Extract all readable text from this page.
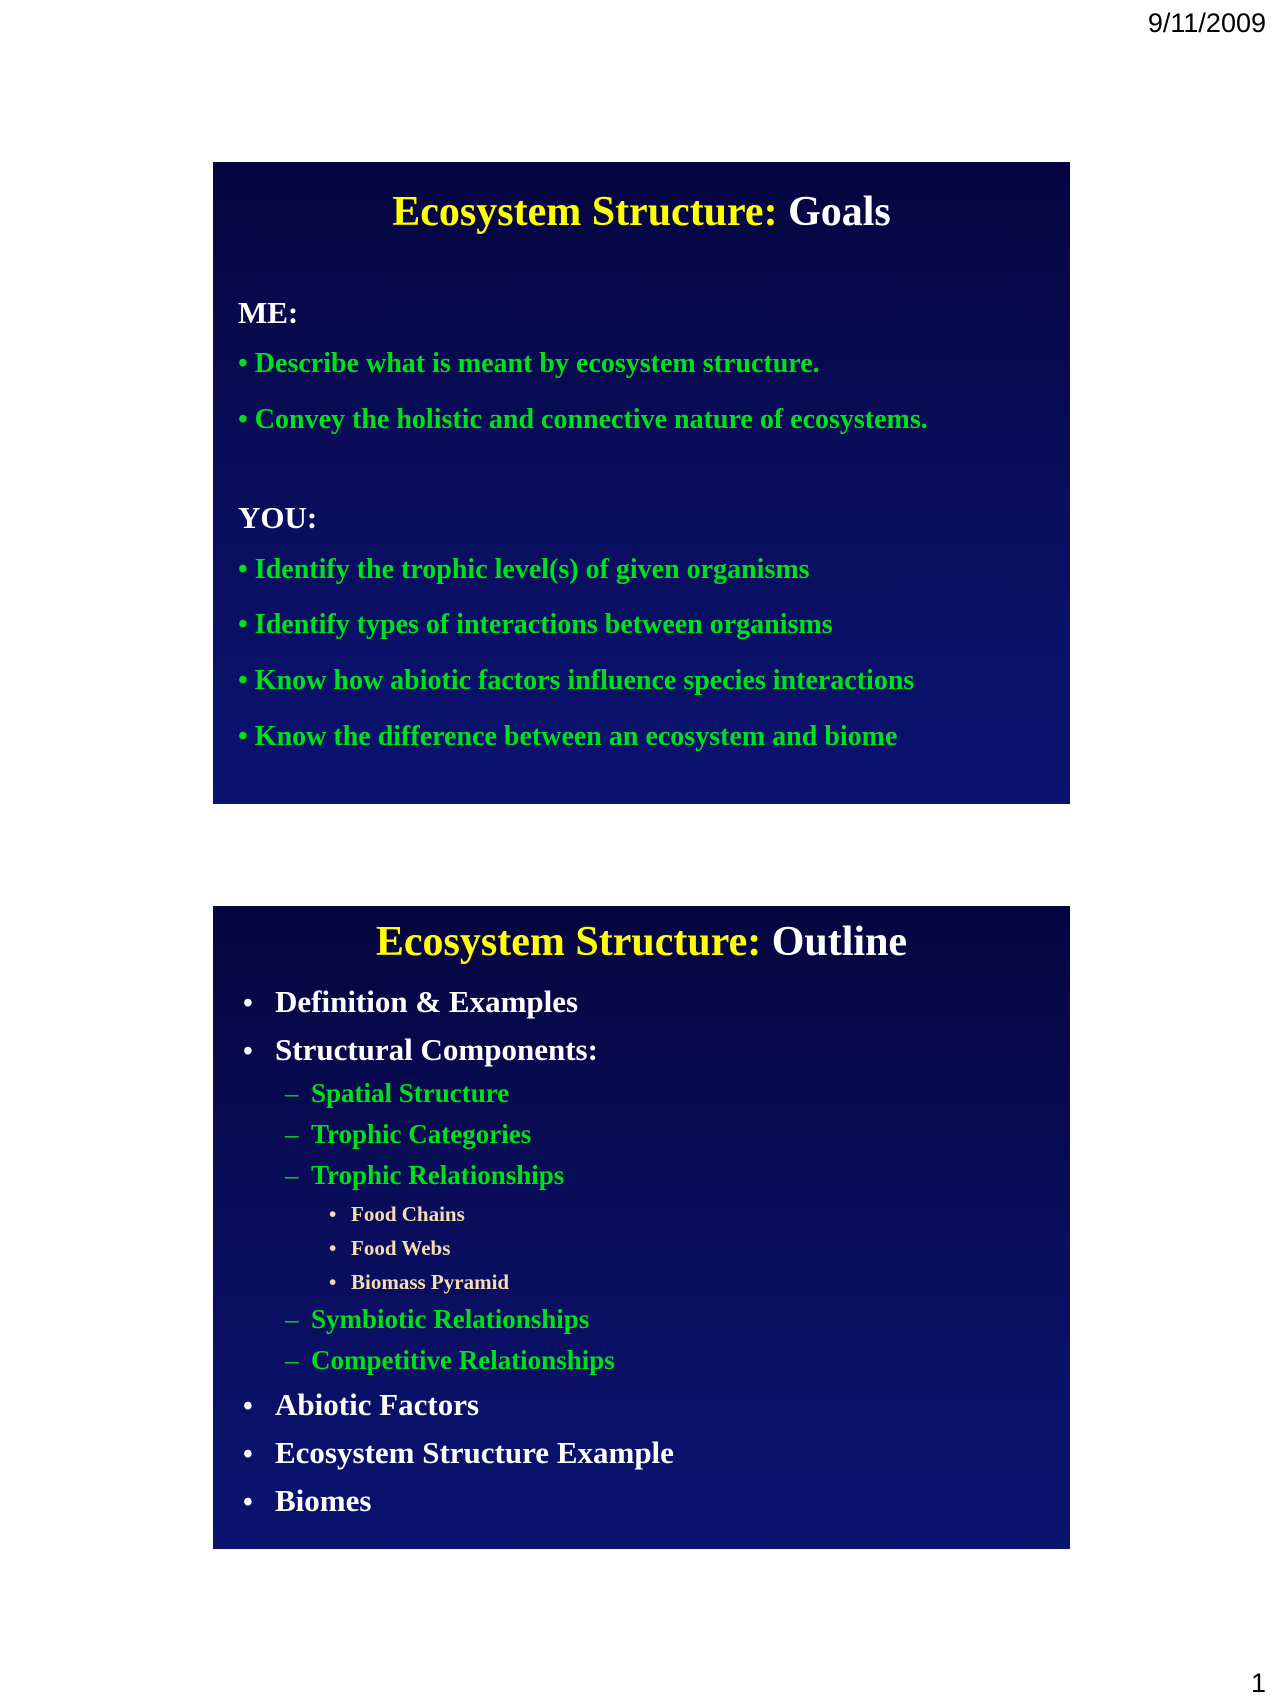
9/11/2009
Ecosystem Structure: Goals
ME:
• Describe what is meant by ecosystem structure.
• Convey the holistic and connective nature of ecosystems.
YOU:
• Identify the trophic level(s) of given organisms
• Identify types of interactions between organisms
• Know how abiotic factors influence species interactions
• Know the difference between an ecosystem and biome
Ecosystem Structure: Outline
• Definition & Examples
• Structural Components:
– Spatial Structure
– Trophic Categories
– Trophic Relationships
• Food Chains
• Food Webs
• Biomass Pyramid
– Symbiotic Relationships
– Competitive Relationships
• Abiotic Factors
• Ecosystem Structure Example
• Biomes
1
